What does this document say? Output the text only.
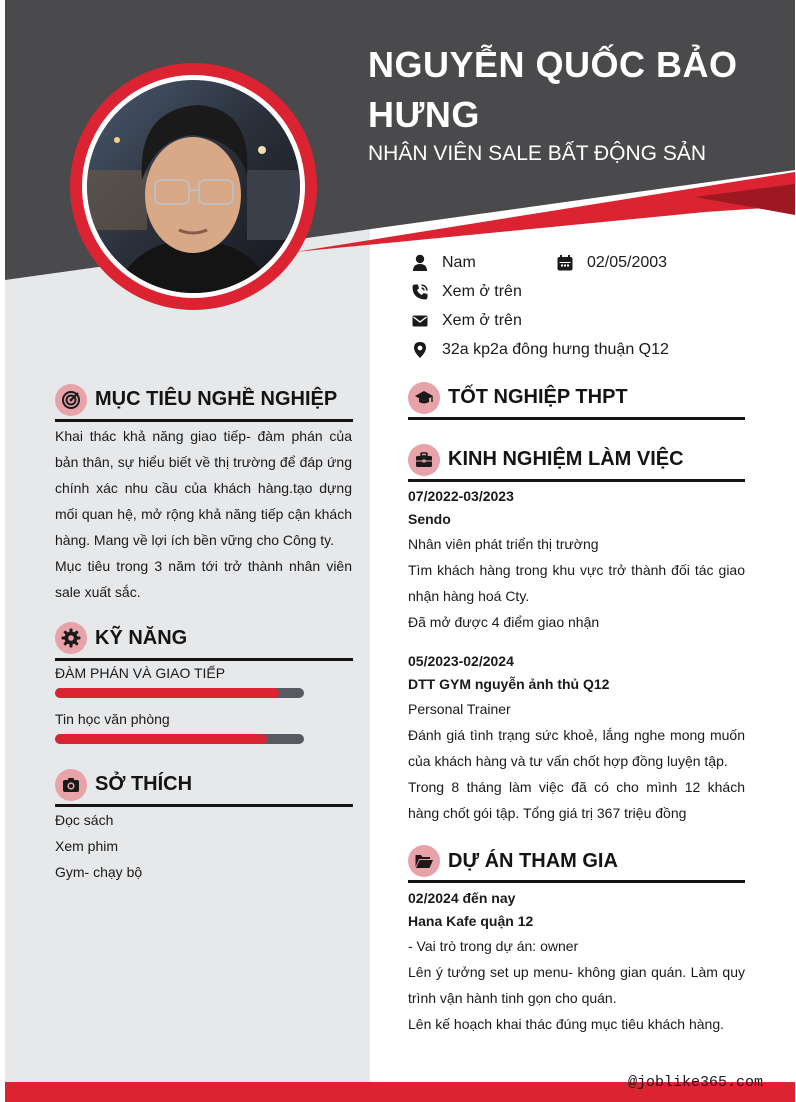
NGUYỄN QUỐC BẢO HƯNG
NHÂN VIÊN SALE BẤT ĐỘNG SẢN
Nam	02/05/2003
Xem ở trên
Xem ở trên
32a kp2a đông hưng thuận Q12
MỤC TIÊU NGHỀ NGHIỆP
Khai thác khả năng giao tiếp- đàm phán của bản thân, sự hiểu biết về thị trường để đáp ứng chính xác nhu cầu của khách hàng.tạo dựng mối quan hệ, mở rộng khả năng tiếp cận khách hàng. Mang về lợi ích bền vững cho Công ty.
Mục tiêu trong 3 năm tới trở thành nhân viên sale xuất sắc.
KỸ NĂNG
ĐÀM PHÁN VÀ GIAO TIẾP
Tin học văn phòng
SỞ THÍCH
Đọc sách
Xem phim
Gym- chạy bộ
TỐT NGHIỆP THPT
KINH NGHIỆM LÀM VIỆC
07/2022-03/2023
Sendo
Nhân viên phát triển thị trường
Tìm khách hàng trong khu vực trở thành đối tác giao nhận hàng hoá Cty.
Đã mở được 4 điểm giao nhận
05/2023-02/2024
DTT GYM nguyễn ảnh thủ Q12
Personal Trainer
Đánh giá tình trạng sức khoẻ, lắng nghe mong muốn của khách hàng và tư vấn chốt hợp đồng luyện tập.
Trong 8 tháng làm việc đã có cho mình 12 khách hàng chốt gói tập. Tổng giá trị 367 triệu đồng
DỰ ÁN THAM GIA
02/2024 đến nay
Hana Kafe quận 12
- Vai trò trong dự án: owner
Lên ý tưởng set up menu- không gian quán. Làm quy trình vận hành tinh gọn cho quán.
Lên kế hoạch khai thác đúng mục tiêu khách hàng.
@joblike365.com
